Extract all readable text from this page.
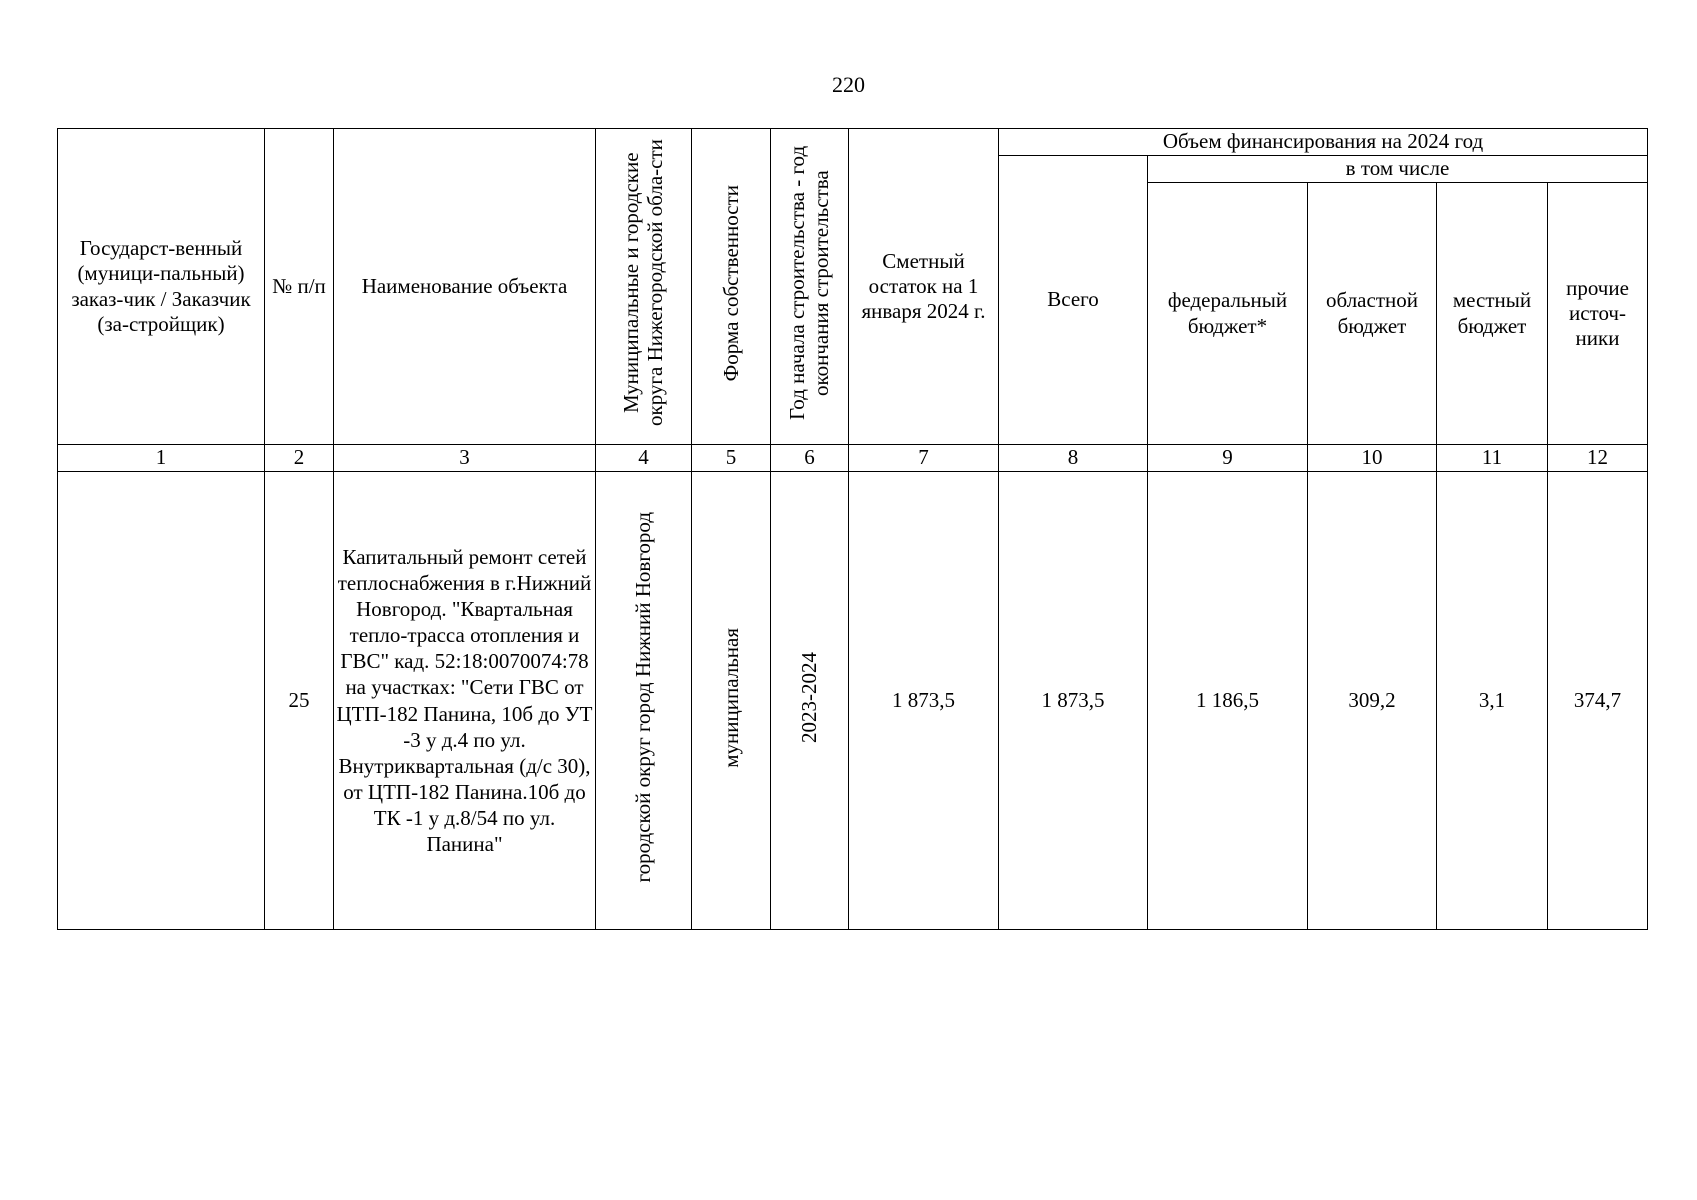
220
Государст-венный (муници-пальный) заказ-чик / Заказчик (за-стройщик)	№ п/п	Наименование объекта	Муниципальные и городские округа Нижегородской обла-сти	Форма собственности	Год начала строительства - год окончания строительства	Сметный остаток на 1 января 2024 г.	Объем финансирования на 2024 год				
							Всего	в том числе			
								федеральный бюджет*	областной бюджет	местный бюджет	прочие источ-ники
1	2	3	4	5	6	7	8	9	10	11	12
	25	Капитальный ремонт сетей теплоснабжения в г.Нижний Новгород. "Квартальная тепло-трасса отопления и ГВС" кад. 52:18:0070074:78 на участках: "Сети ГВС от ЦТП-182 Панина, 10б до УТ -3 у д.4 по ул. Внутриквартальная (д/с 30), от ЦТП-182 Панина.10б до ТК -1 у д.8/54 по ул. Панина"	городской округ город Нижний Новгород	муниципальная	2023-2024	1 873,5	1 873,5	1 186,5	309,2	3,1	374,7
